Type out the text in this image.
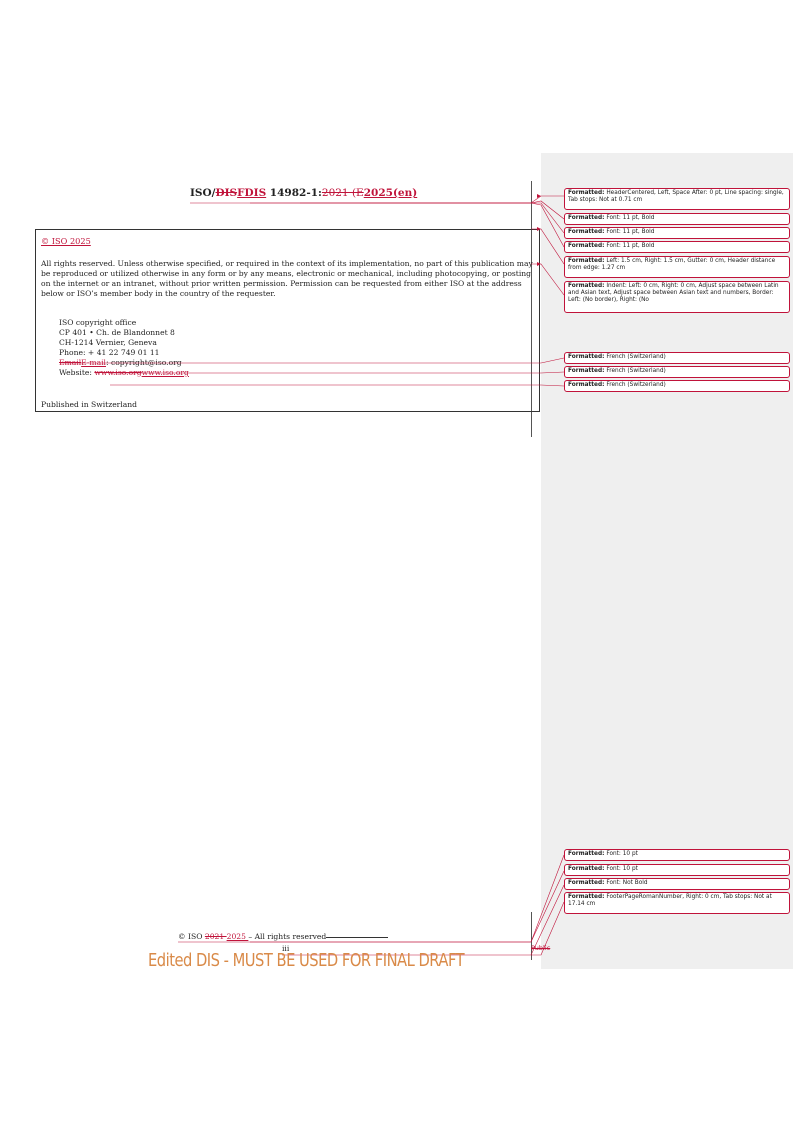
ISO/DISFDIS 14982-1:2021 (E2025(en)
© ISO 2025

All rights reserved. Unless otherwise specified, or required in the context of its implementation, no part of this publication may be reproduced or utilized otherwise in any form or by any means, electronic or mechanical, including photocopying, or posting on the internet or an intranet, without prior written permission. Permission can be requested from either ISO at the address below or ISO’s member body in the country of the requester.

ISO copyright office
CP 401 • Ch. de Blandonnet 8
CH-1214 Vernier, Geneva
Phone: + 41 22 749 01 11
EmailE-mail: copyright@iso.org
Website: www.iso.orgwww.iso.org
Published in Switzerland
Formatted: HeaderCentered, Left, Space After: 0 pt, Line spacing: single, Tab stops: Not at 0.71 cm
Formatted: Font: 11 pt, Bold
Formatted: Font: 11 pt, Bold
Formatted: Font: 11 pt, Bold
Formatted: Left: 1.5 cm, Right: 1.5 cm, Gutter: 0 cm, Header distance from edge: 1.27 cm
Formatted: Indent: Left: 0 cm, Right: 0 cm, Adjust space between Latin and Asian text, Adjust space between Asian text and numbers, Border: Left: (No border), Right: (No
Formatted: French (Switzerland)
Formatted: French (Switzerland)
Formatted: French (Switzerland)
Formatted: Font: 10 pt
Formatted: Font: 10 pt
Formatted: Font: Not Bold
Formatted: FooterPageRomanNumber, Right: 0 cm, Tab stops: Not at 17.14 cm
© ISO 2021 2025 – All rights reserved
iii	Public
Edited DIS - MUST BE USED FOR FINAL DRAFT
